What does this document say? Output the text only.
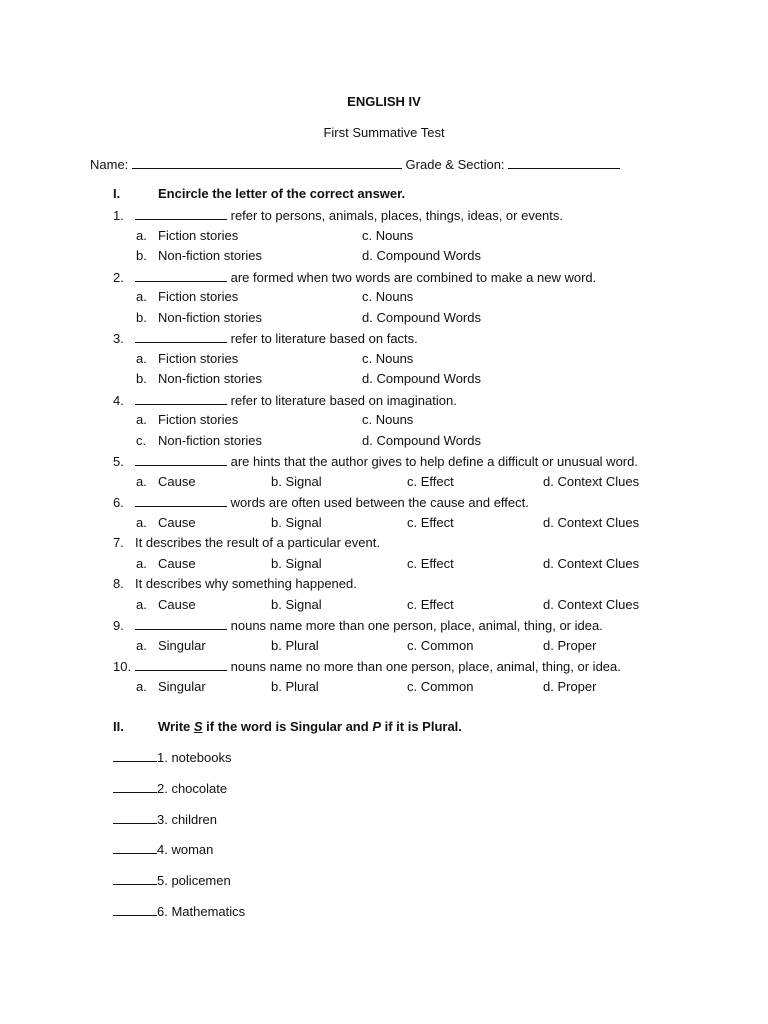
ENGLISH IV
First Summative Test
Name:	Grade & Section:
I.	Encircle the letter of the correct answer.
1.	refer to persons, animals, places, things, ideas, or events.
a. Fiction stories	c. Nouns
b. Non-fiction stories	d. Compound Words
2.	are formed when two words are combined to make a new word.
a. Fiction stories	c. Nouns
b. Non-fiction stories	d. Compound Words
3.	refer to literature based on facts.
a. Fiction stories	c. Nouns
b. Non-fiction stories	d. Compound Words
4.	refer to literature based on imagination.
a. Fiction stories	c. Nouns
c. Non-fiction stories	d. Compound Words
5.	are hints that the author gives to help define a difficult or unusual word.
a. Cause	b. Signal	c. Effect	d. Context Clues
6.	words are often used between the cause and effect.
a. Cause	b. Signal	c. Effect	d. Context Clues
7. It describes the result of a particular event.
a. Cause	b. Signal	c. Effect	d. Context Clues
8. It describes why something happened.
a. Cause	b. Signal	c. Effect	d. Context Clues
9.	nouns name more than one person, place, animal, thing, or idea.
a. Singular	b. Plural	c. Common	d. Proper
10.	nouns name no more than one person, place, animal, thing, or idea.
a. Singular	b. Plural	c. Common	d. Proper
II.	Write S if the word is Singular and P if it is Plural.
1. notebooks
2. chocolate
3. children
4. woman
5. policemen
6. Mathematics
